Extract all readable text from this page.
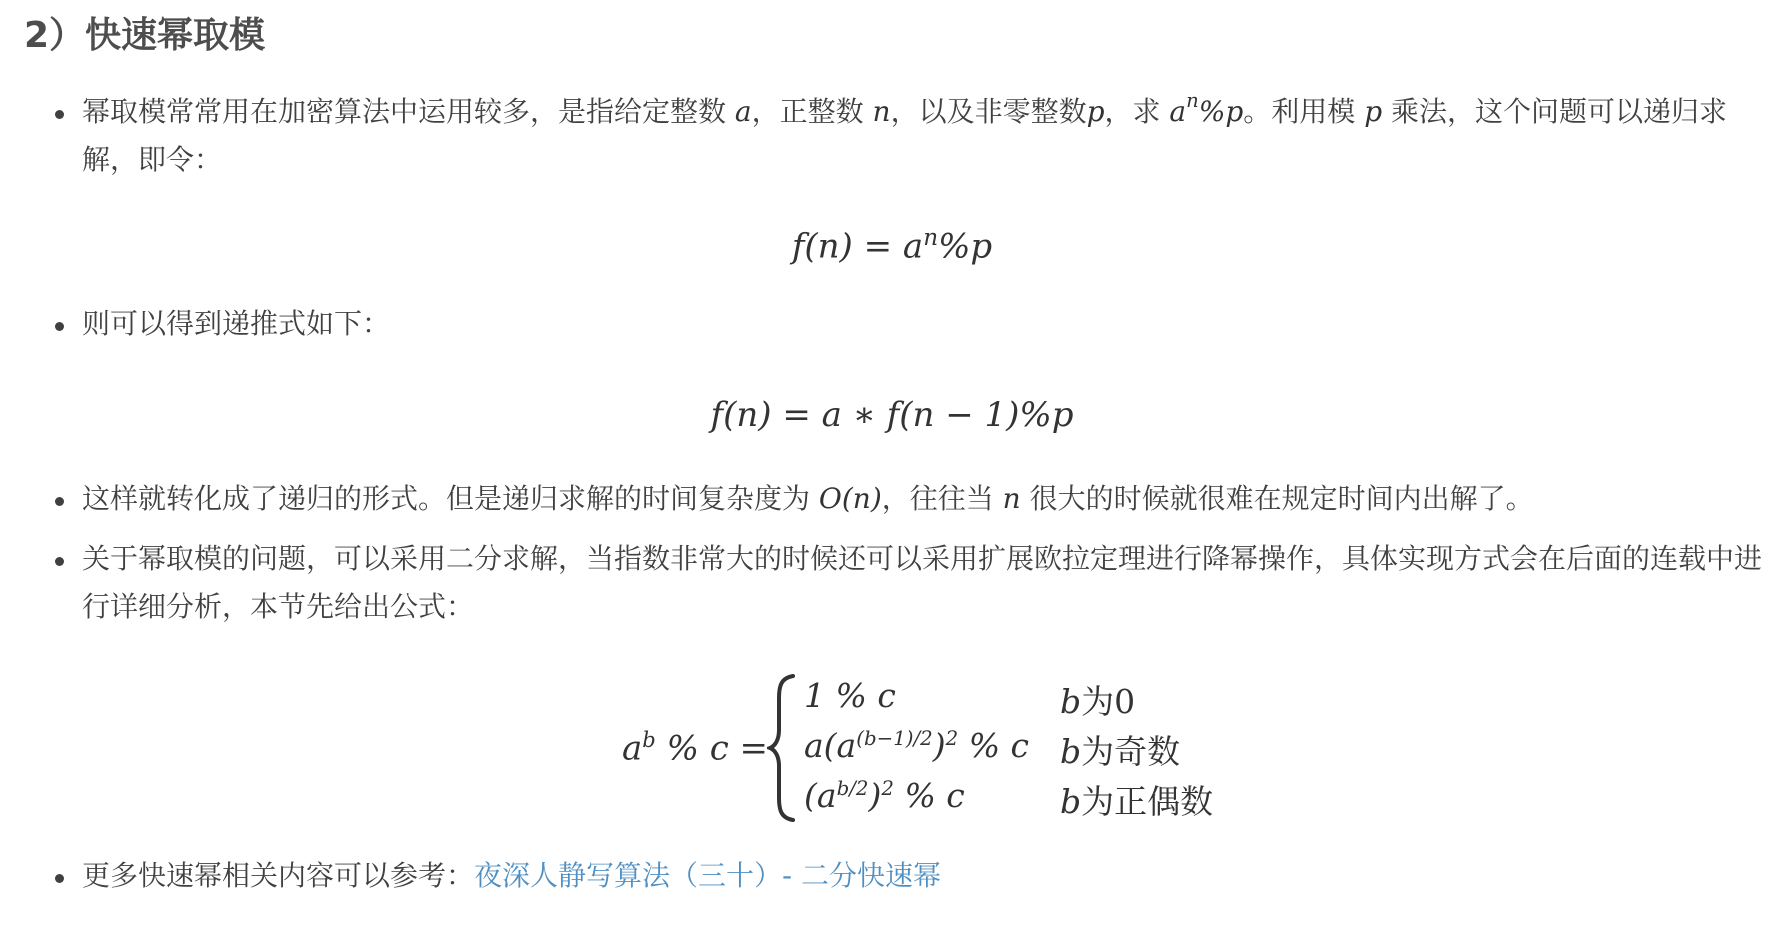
2）快速幂取模
幂取模常常用在加密算法中运用较多，是指给定整数 a，正整数 n，以及非零整数p，求 $a^n\%p$。利用模 p 乘法，这个问题可以递归求解，即令：
则可以得到递推式如下：
这样就转化成了递归的形式。但是递归求解的时间复杂度为 O(n)，往往当 n 很大的时候就很难在规定时间内出解了。
关于幂取模的问题，可以采用二分求解，当指数非常大的时候还可以采用扩展欧拉定理进行降幂操作，具体实现方式会在后面的连载中进行详细分析，本节先给出公式：
更多快速幂相关内容可以参考：夜深人静写算法（三十）- 二分快速幂
$f(n) = a^n\%p$
f(n) = a ∗ f(n − 1)%p
$a^b$ % c =
1 % c	b为0
$a(a^{(b-1)/2})^2$ % c b为奇数
$(a^{b/2})^2$ % c	b为正偶数
